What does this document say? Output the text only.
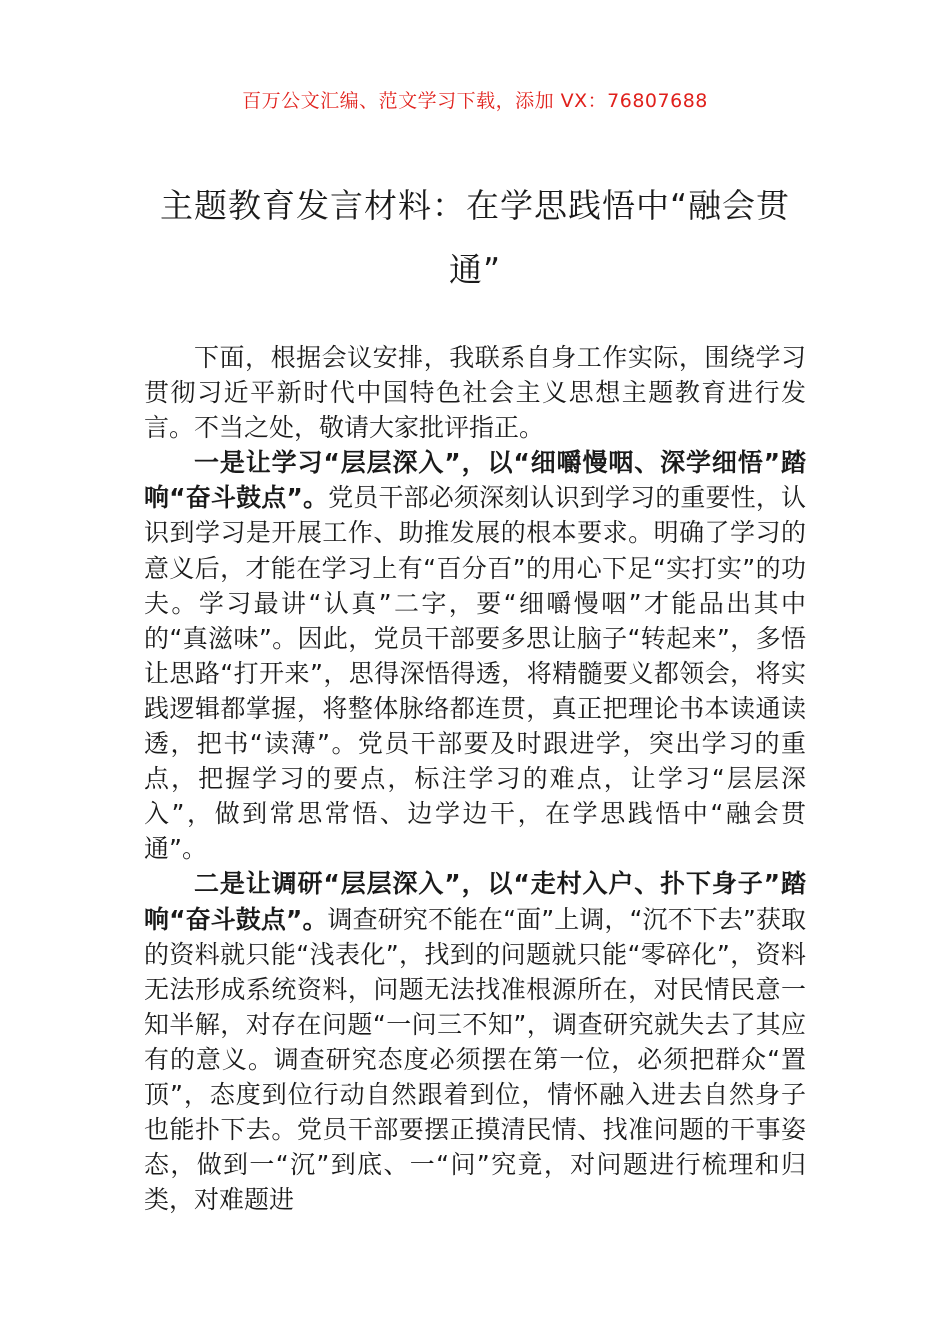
百万公文汇编、范文学习下载，添加 VX：76807688
主题教育发言材料：在学思践悟中“融会贯通”

下面，根据会议安排，我联系自身工作实际，围绕学习贯彻习近平新时代中国特色社会主义思想主题教育进行发言。不当之处，敬请大家批评指正。

一是让学习“层层深入”，以“细嚼慢咽、深学细悟”踏响“奋斗鼓点”。党员干部必须深刻认识到学习的重要性，认识到学习是开展工作、助推发展的根本要求。明确了学习的意义后，才能在学习上有“百分百”的用心下足“实打实”的功夫。学习最讲“认真”二字，要“细嚼慢咽”才能品出其中的“真滋味”。因此，党员干部要多思让脑子“转起来”，多悟让思路“打开来”，思得深悟得透，将精髓要义都领会，将实践逻辑都掌握，将整体脉络都连贯，真正把理论书本读通读透，把书“读薄”。党员干部要及时跟进学，突出学习的重点，把握学习的要点，标注学习的难点，让学习“层层深入”，做到常思常悟、边学边干，在学思践悟中“融会贯通”。

二是让调研“层层深入”，以“走村入户、扑下身子”踏响“奋斗鼓点”。调查研究不能在“面”上调，“沉不下去”获取的资料就只能“浅表化”，找到的问题就只能“零碎化”，资料无法形成系统资料，问题无法找准根源所在，对民情民意一知半解，对存在问题“一问三不知”，调查研究就失去了其应有的意义。调查研究态度必须摆在第一位，必须把群众“置顶”，态度到位行动自然跟着到位，情怀融入进去自然身子也能扑下去。党员干部要摆正摸清民情、找准问题的干事姿态，做到一“沉”到底、一“问”究竟，对问题进行梳理和归类，对难题进
